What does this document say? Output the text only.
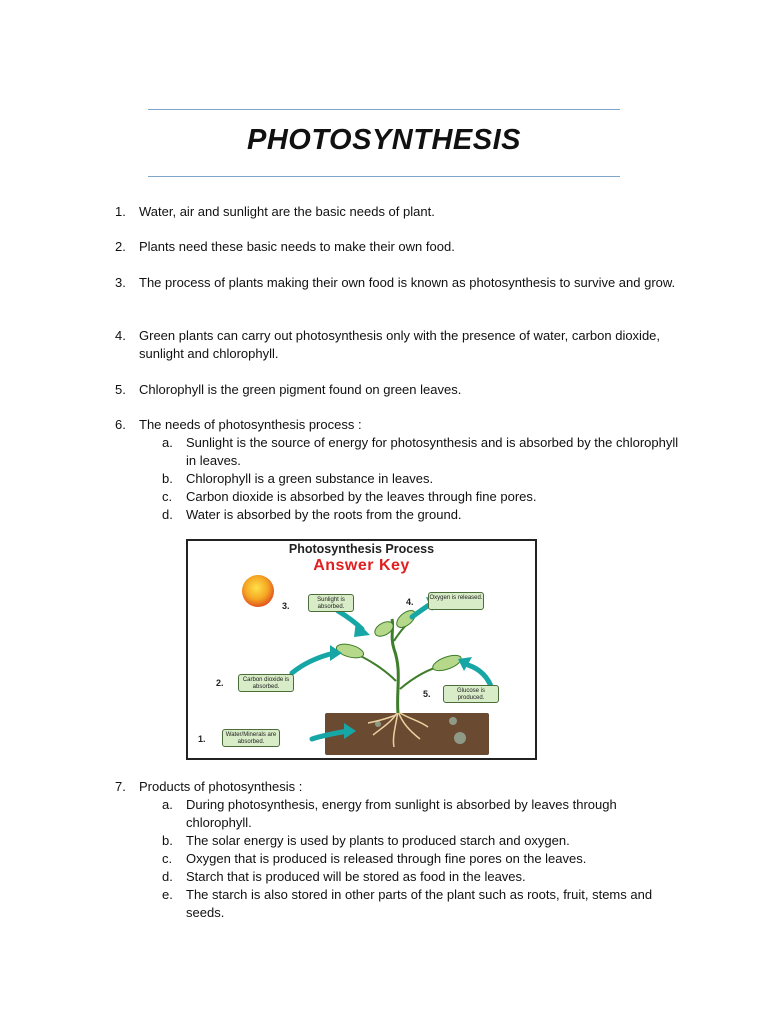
PHOTOSYNTHESIS
1. Water, air and sunlight are the basic needs of plant.
2. Plants need these basic needs to make their own food.
3. The process of plants making their own food is known as photosynthesis to survive and grow.
4. Green plants can carry out photosynthesis only with the presence of water, carbon dioxide, sunlight and chlorophyll.
5. Chlorophyll is the green pigment found on green leaves.
6. The needs of photosynthesis process :
a. Sunlight is the source of energy for photosynthesis and is absorbed by the chlorophyll in leaves.
b. Chlorophyll is a green substance in leaves.
c. Carbon dioxide is absorbed by the leaves through fine pores.
d. Water is absorbed by the roots from the ground.
7. Products of photosynthesis :
a. During photosynthesis, energy from sunlight is absorbed by leaves through chlorophyll.
b. The solar energy is used by plants to produced starch and oxygen.
c. Oxygen that is produced is released through fine pores on the leaves.
d. Starch that is produced will be stored as food in the leaves.
e. The starch is also stored in other parts of the plant such as roots, fruit, stems and seeds.
Photosynthesis Process
Answer Key
3.
Sunlight is absorbed.	4.	Oxygen is released.
2.	Carbon dioxide is absorbed.
5.	Glucose is produced.
1.	Water/Minerals are absorbed.
